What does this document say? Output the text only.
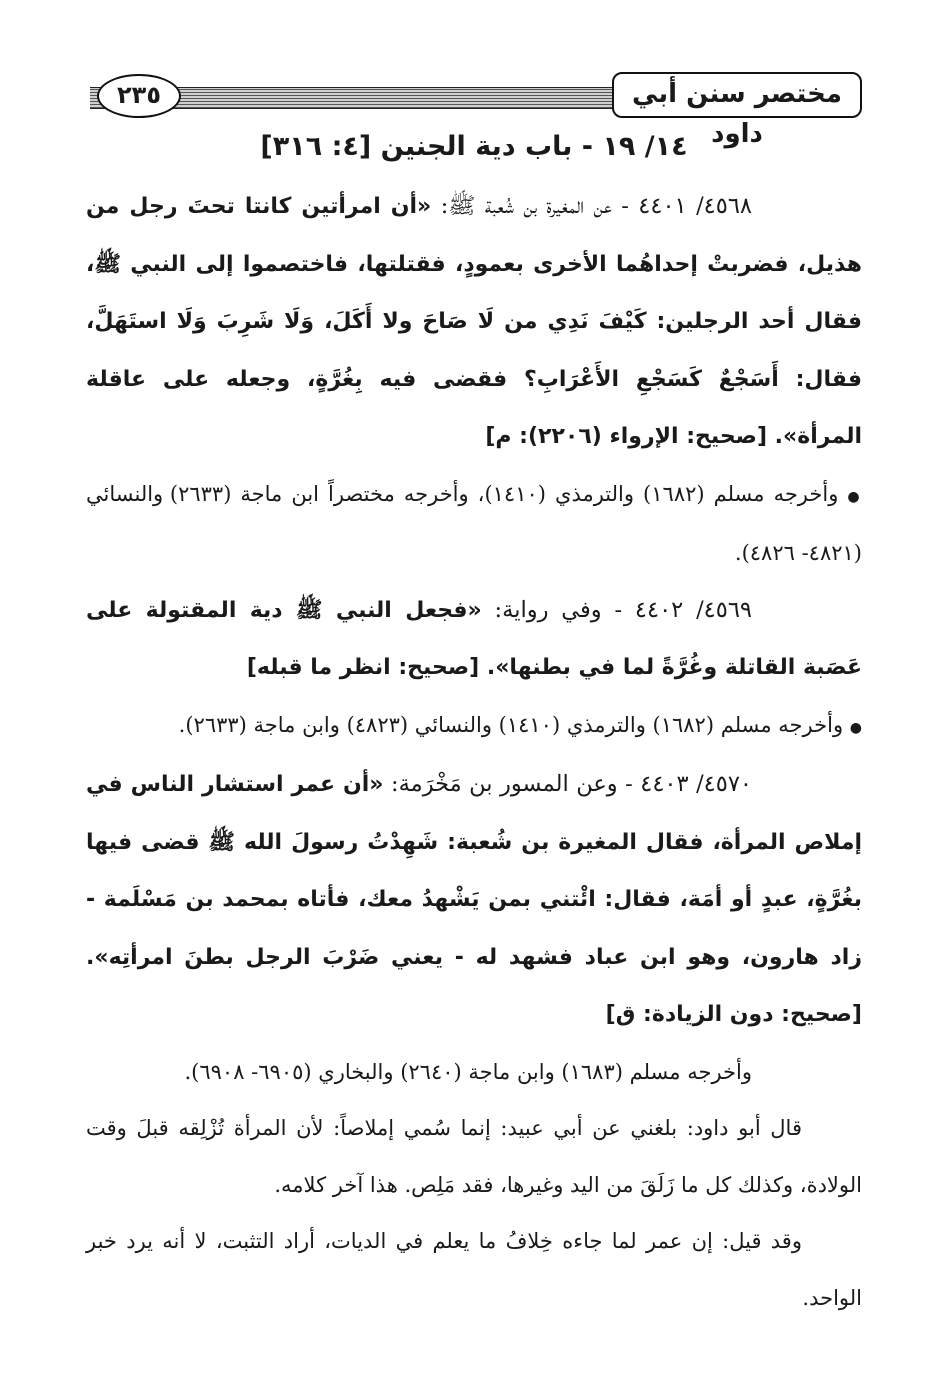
مختصر سنن أبي داود
٢٣٥
١٤/ ١٩ - باب دية الجنين [٤: ٣١٦]

٤٥٦٨/ ٤٤٠١ - عن المغيرة بن شُعبة ﷺ: «أن امرأتين كانتا تحتَ رجل من هذيل، فضربتْ إحداهُما الأخرى بعمودٍ، فقتلتها، فاختصموا إلى النبي ﷺ، فقال أحد الرجلين: كَيْفَ نَدِي من لَا صَاحَ ولا أَكَلَ، وَلَا شَرِبَ وَلَا استَهَلَّ، فقال: أَسَجْعٌ كَسَجْعِ الأَعْرَابِ؟ فقضى فيه بِغُرَّةٍ، وجعله على عاقلة المرأة». [صحيح: الإرواء (٢٢٠٦): م]

● وأخرجه مسلم (١٦٨٢) والترمذي (١٤١٠)، وأخرجه مختصراً ابن ماجة (٢٦٣٣) والنسائي (٤٨٢١- ٤٨٢٦).

٤٥٦٩/ ٤٤٠٢ - وفي رواية: «فجعل النبي ﷺ دية المقتولة على عَصَبة القاتلة وغُرَّةً لما في بطنها». [صحيح: انظر ما قبله]

● وأخرجه مسلم (١٦٨٢) والترمذي (١٤١٠) والنسائي (٤٨٢٣) وابن ماجة (٢٦٣٣).

٤٥٧٠/ ٤٤٠٣ - وعن المسور بن مَخْرَمة: «أن عمر استشار الناس في إملاص المرأة، فقال المغيرة بن شُعبة: شَهِدْتُ رسولَ الله ﷺ قضى فيها بغُرَّةٍ، عبدٍ أو أمَة، فقال: ائْتني بمن يَشْهدُ معك، فأتاه بمحمد بن مَسْلَمة - زاد هارون، وهو ابن عباد فشهد له - يعني ضَرْبَ الرجل بطنَ امرأتِه». [صحيح: دون الزيادة: ق]

وأخرجه مسلم (١٦٨٣) وابن ماجة (٢٦٤٠) والبخاري (٦٩٠٥- ٦٩٠٨).

قال أبو داود: بلغني عن أبي عبيد: إنما سُمي إملاصاً: لأن المرأة تُزْلِقه قبلَ وقت الولادة، وكذلك كل ما زَلَقَ من اليد وغيرها، فقد مَلِص. هذا آخر كلامه.

وقد قيل: إن عمر لما جاءه خِلافُ ما يعلم في الديات، أراد التثبت، لا أنه يرد خبر الواحد.
